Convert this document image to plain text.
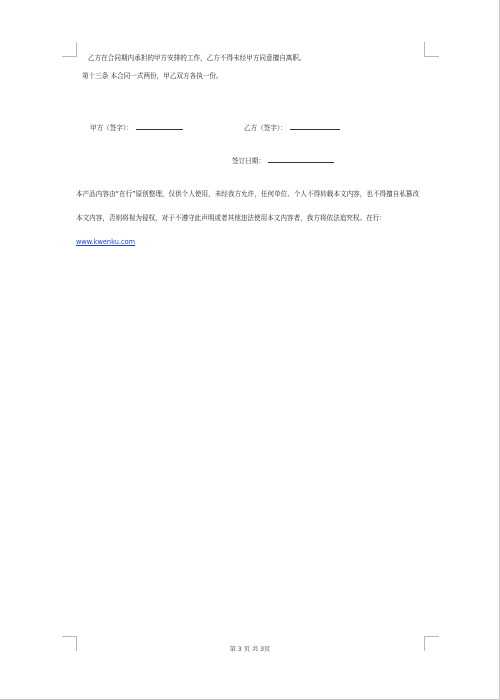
乙方在合同期内承担的甲方安排的工作，乙方不得未经甲方同意擅自离职。
第十三条 本合同一式两份，甲乙双方各执一份。
甲方（签字）：	乙方（签字）：
签订日期：
本产品内容由“在行”原创整理，仅供个人使用，未经我方允许，任何单位、个人不得转载本文内容，也不得擅自私篡改本文内容，否则将视为侵权，对于不遵守此声明或者其他违法使用本文内容者，我方将依法追究权。在行：www.kwenku.com
第 3 页 共 3页
